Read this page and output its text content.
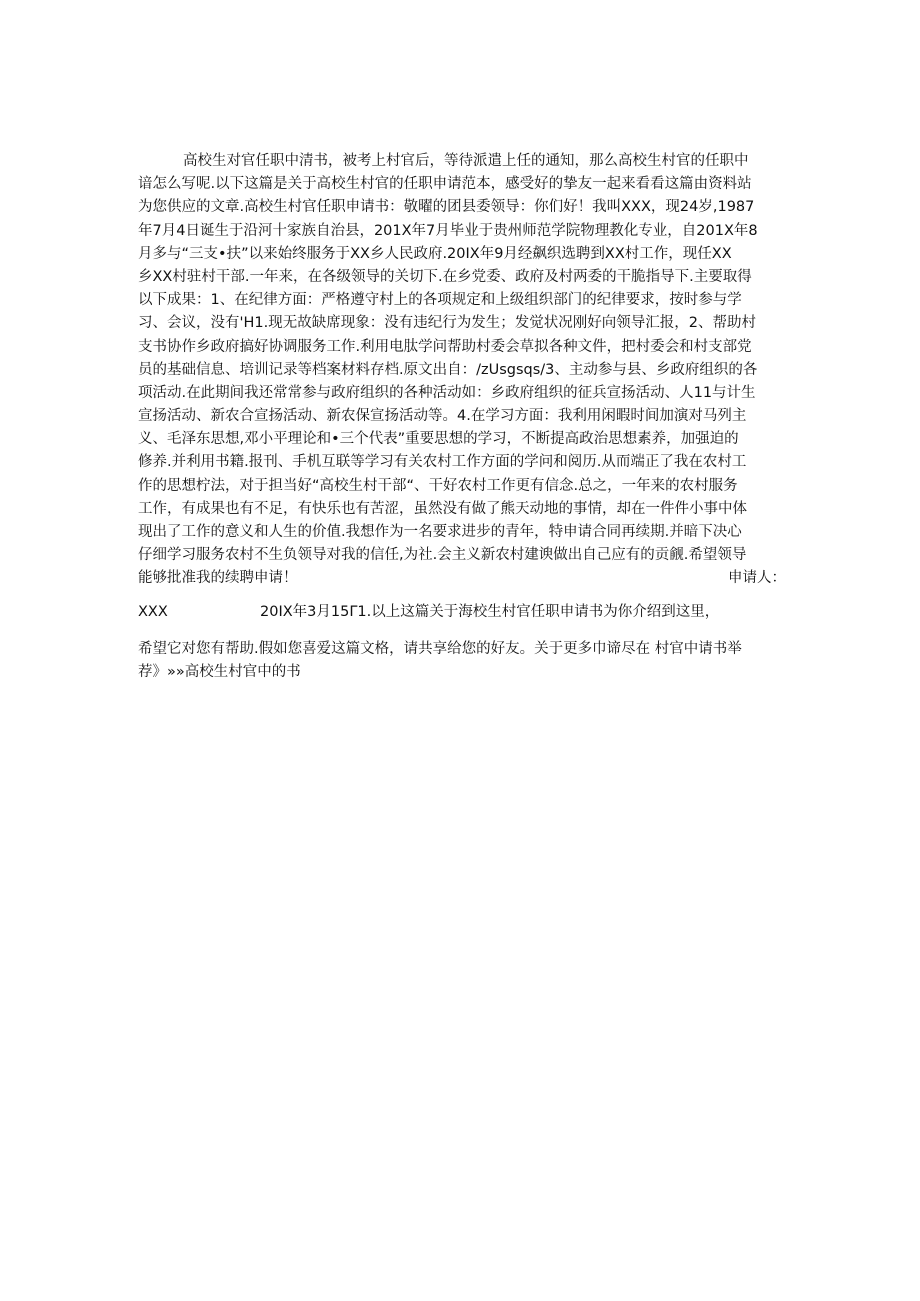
高校生对官任职中清书，被考上村官后，等待派遣上任的通知，那么高校生村官的任职中
谙怎么写呢.以下这篇是关于高校生村官的任职申请范本，感受好的挚友一起来看看这篇由资料站
为您供应的文章.高校生村官任职申请书：敬曜的团县委领导：你们好！我叫XXX，现24岁,1987
年7月4日诞生于沿河十家族自治县，201X年7月毕业于贵州师范学院物理教化专业，自201X年8
月多与“三支•扶”以来始终服务于XX乡人民政府.20IX年9月经飙织选聘到XX村工作，现任XX
乡XX村驻村干部.一年来，在各级领导的关切下.在乡党委、政府及村两委的干脆指导下.主要取得
以下成果：1、在纪律方面：严格遵守村上的各项规定和上级组织部门的纪律要求，按时参与学
习、会议，没有'H1.现无故缺席现象：没有违纪行为发生；发觉状况刚好向领导汇报，2、帮助村
支书协作乡政府搞好协调服务工作.利用电肽学问帮助村委会草拟各种文件，把村委会和村支部党
员的基础信息、培训记录等档案材料存档.原文出自：/zUsgsqs/3、主动参与县、乡政府组织的各
项活动.在此期间我还常常参与政府组织的各种活动如：乡政府组织的征兵宣扬活动、人11与计生
宣扬活动、新农合宣扬活动、新农保宣扬活动等。4.在学习方面：我利用闲暇时间加演对马列主
义、毛泽东思想,邓小平理论和•三个代表”重要思想的学习，不断提高政治思想素养，加强迫的
修养.并利用书籍.报刊、手机互联等学习有关农村工作方面的学问和阅历.从而端正了我在农村工
作的思想柠法，对于担当好“高校生村干部“、干好农村工作更有信念.总之，一年来的农村服务
工作，有成果也有不足，有快乐也有苦涩，虽然没有做了熊天动地的事情，却在一件件小事中体
现出了工作的意义和人生的价值.我想作为一名要求进步的青年，特申请合同再续期.并暗下决心
仔细学习服务农村不生负领导对我的信任,为社.会主义新农村建谀做出自己应有的贡觎.希望领导
能够批准我的续聘申请！	申请人：
XXX	20IX年3月15Γ1.以上这篇关于海校生村官任职申请书为你介绍到这里，
希望它对您有帮助.假如您喜爱这篇文格，请共享给您的好友。关于更多巾谛尽在 村官中请书举
荐》»»高校生村官中的书
